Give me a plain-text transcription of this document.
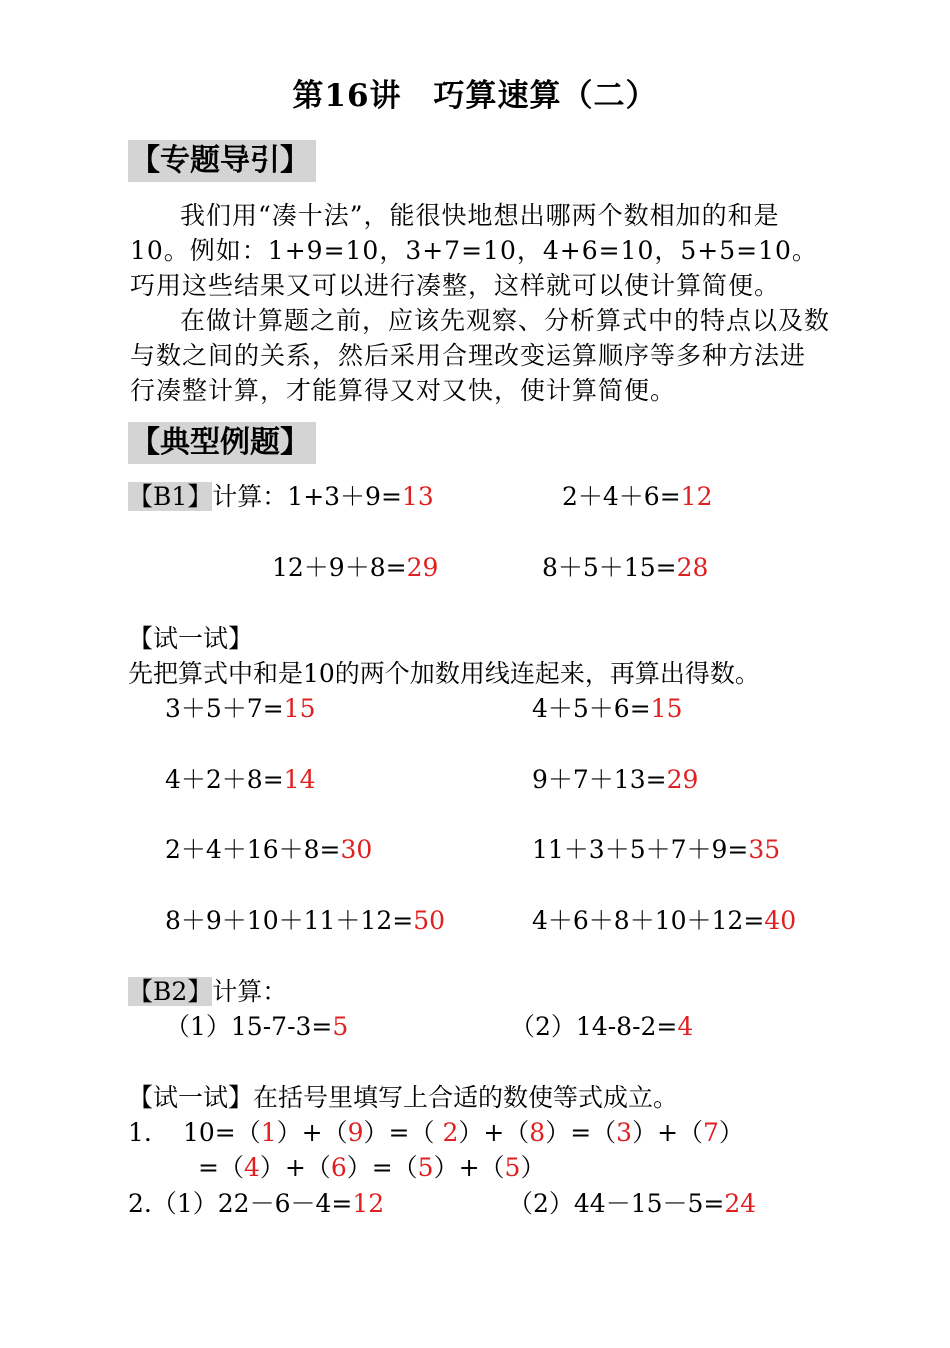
第16讲　巧算速算（二）
【专题导引】

我们用“凑十法”，能很快地想出哪两个数相加的和是10。例如：1+9=10，3+7=10，4+6=10，5+5=10。巧用这些结果又可以进行凑整，这样就可以使计算简便。

在做计算题之前，应该先观察、分析算式中的特点以及数与数之间的关系，然后采用合理改变运算顺序等多种方法进行凑整计算，才能算得又对又快，使计算简便。

【典型例题】
【B1】计算：1+3＋9=13	2＋4＋6=12
12＋9＋8=29	8＋5＋15=28
【试一试】
先把算式中和是10的两个加数用线连起来，再算出得数。
3＋5＋7=15	4＋5＋6=15
4＋2＋8=14	9＋7＋13=29
2＋4＋16＋8=30	11＋3＋5＋7＋9=35
8＋9＋10＋11＋12=50	4＋6＋8＋10＋12=40
【B2】计算：
（1）15-7-3=5	（2）14-8-2=4
【试一试】在括号里填写上合适的数使等式成立。
1. 10=（1）+（9）=（ 2）+（8）=（3）+（7）
=（4）+（6）=（5）+（5）
2.（1）22－6－4=12	（2）44－15－5=24
